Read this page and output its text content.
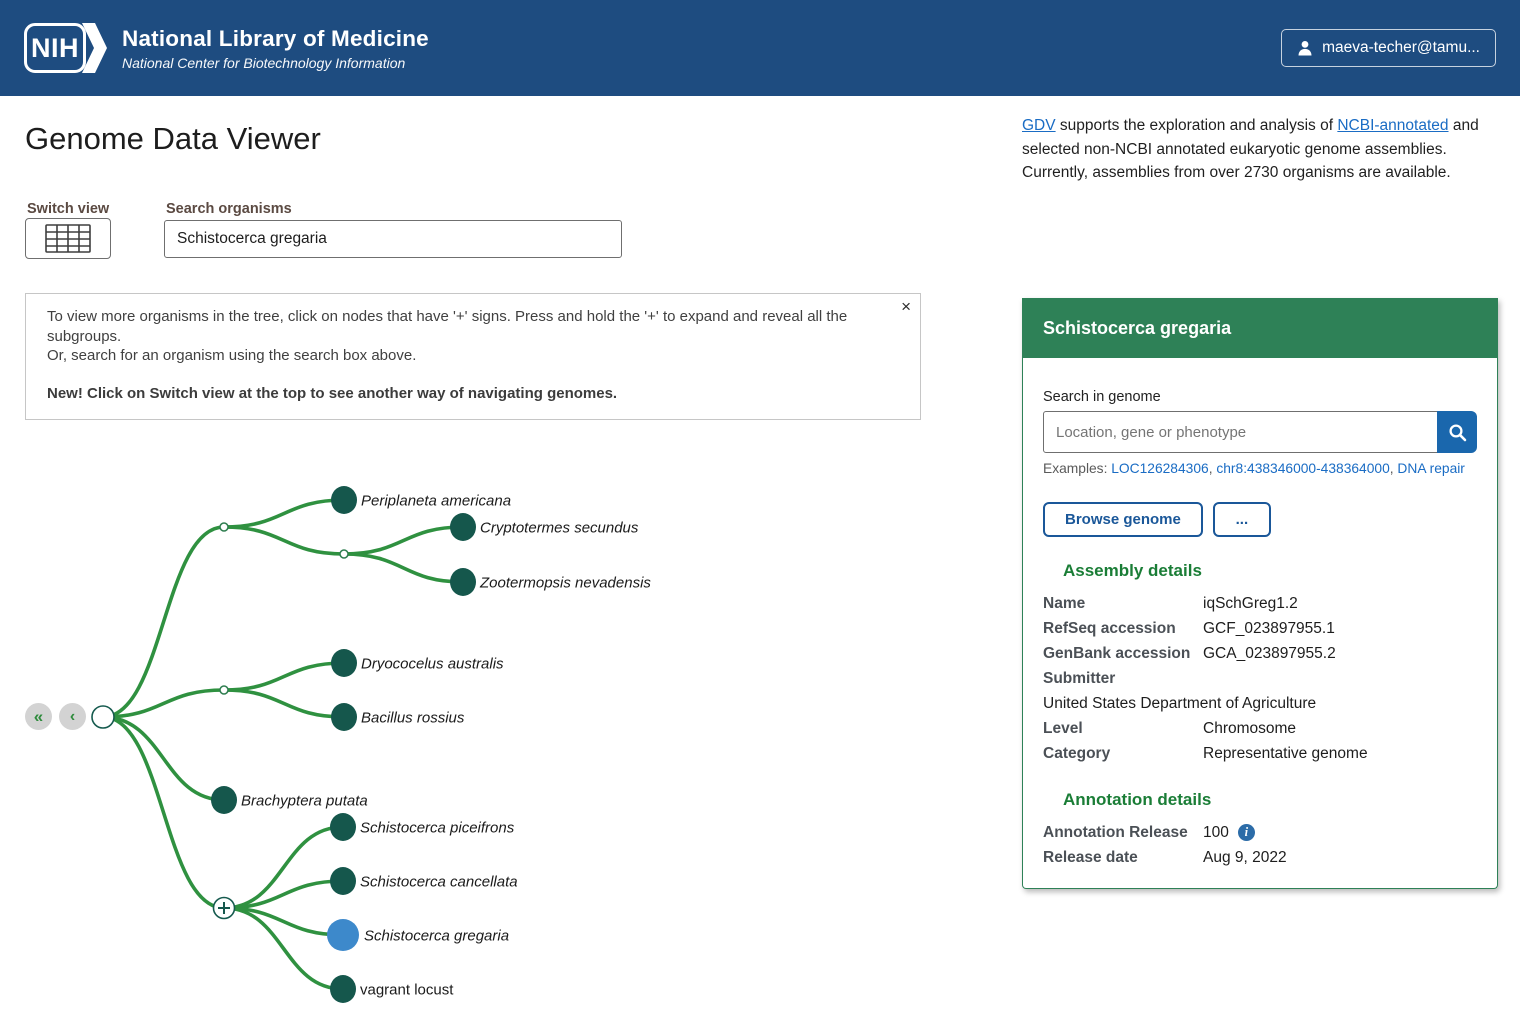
NIH National Library of Medicine
National Center for Biotechnology Information
maeva-techer@tamu...
Genome Data Viewer	GDV supports the exploration and analysis of NCBI-annotated and selected non-NCBI annotated eukaryotic genome assemblies. Currently, assemblies from over 2730 organisms are available.

Switch view	Search organisms
Schistocerca gregaria
×

To view more organisms in the tree, click on nodes that have '+' signs. Press and hold the '+' to expand and reveal all the subgroups.

Or, search for an organism using the search box above.

New! Click on Switch view at the top to see another way of navigating genomes.

Periplaneta americana
Cryptotermes secundus
Zootermopsis nevadensis
Dryococelus australis
Bacillus rossius
Brachyptera putata
Schistocerca piceifrons
Schistocerca cancellata
Schistocerca gregaria
vagrant locust
«	‹
Schistocerca gregaria
Search in genome
Location, gene or phenotype
Examples: LOC126284306, chr8:438346000-438364000, DNA repair
Browse genome	...
Assembly details
Name	iqSchGreg1.2
RefSeq accession	GCF_023897955.1
GenBank accession GCA_023897955.2
Submitter
United States Department of Agriculture
Level	Chromosome
Category	Representative genome
Annotation details
Annotation Release 100	i
Release date	Aug 9, 2022
